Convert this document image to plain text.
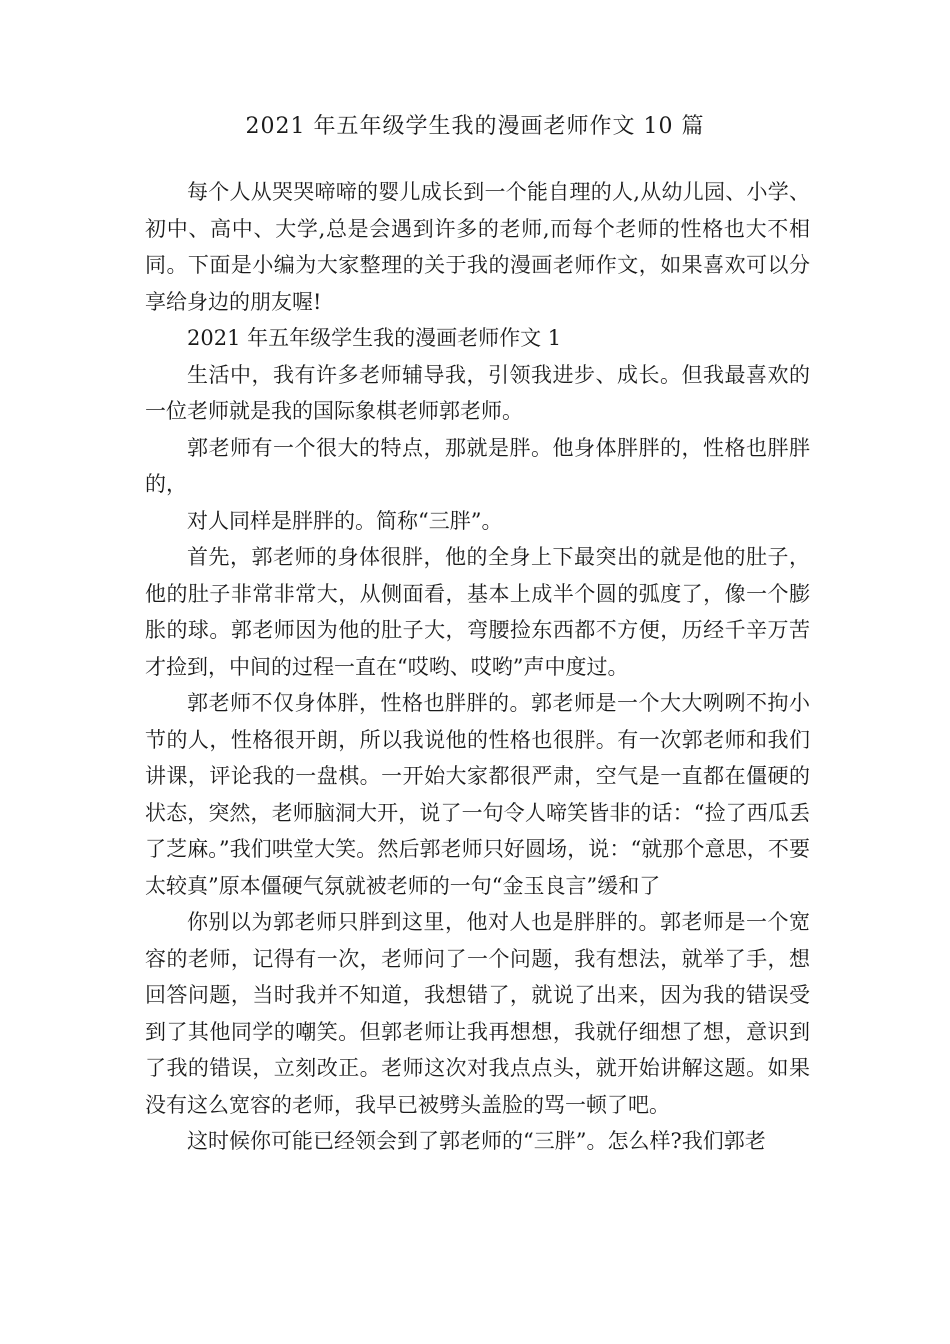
2021 年五年级学生我的漫画老师作文 10 篇

每个人从哭哭啼啼的婴儿成长到一个能自理的人,从幼儿园、小学、初中、高中、大学,总是会遇到许多的老师,而每个老师的性格也大不相同。下面是小编为大家整理的关于我的漫画老师作文，如果喜欢可以分享给身边的朋友喔!

2021 年五年级学生我的漫画老师作文 1

生活中，我有许多老师辅导我，引领我进步、成长。但我最喜欢的一位老师就是我的国际象棋老师郭老师。

郭老师有一个很大的特点，那就是胖。他身体胖胖的，性格也胖胖的，

对人同样是胖胖的。简称“三胖”。

首先，郭老师的身体很胖，他的全身上下最突出的就是他的肚子，他的肚子非常非常大，从侧面看，基本上成半个圆的弧度了，像一个膨胀的球。郭老师因为他的肚子大，弯腰捡东西都不方便，历经千辛万苦才捡到，中间的过程一直在“哎哟、哎哟”声中度过。

郭老师不仅身体胖，性格也胖胖的。郭老师是一个大大咧咧不拘小节的人，性格很开朗，所以我说他的性格也很胖。有一次郭老师和我们讲课，评论我的一盘棋。一开始大家都很严肃，空气是一直都在僵硬的状态，突然，老师脑洞大开，说了一句令人啼笑皆非的话：“捡了西瓜丢了芝麻。”我们哄堂大笑。然后郭老师只好圆场，说：“就那个意思，不要太较真”原本僵硬气氛就被老师的一句“金玉良言”缓和了

你别以为郭老师只胖到这里，他对人也是胖胖的。郭老师是一个宽容的老师，记得有一次，老师问了一个问题，我有想法，就举了手，想回答问题，当时我并不知道，我想错了，就说了出来，因为我的错误受到了其他同学的嘲笑。但郭老师让我再想想，我就仔细想了想，意识到了我的错误，立刻改正。老师这次对我点点头，就开始讲解这题。如果没有这么宽容的老师，我早已被劈头盖脸的骂一顿了吧。

这时候你可能已经领会到了郭老师的“三胖”。怎么样?我们郭老
